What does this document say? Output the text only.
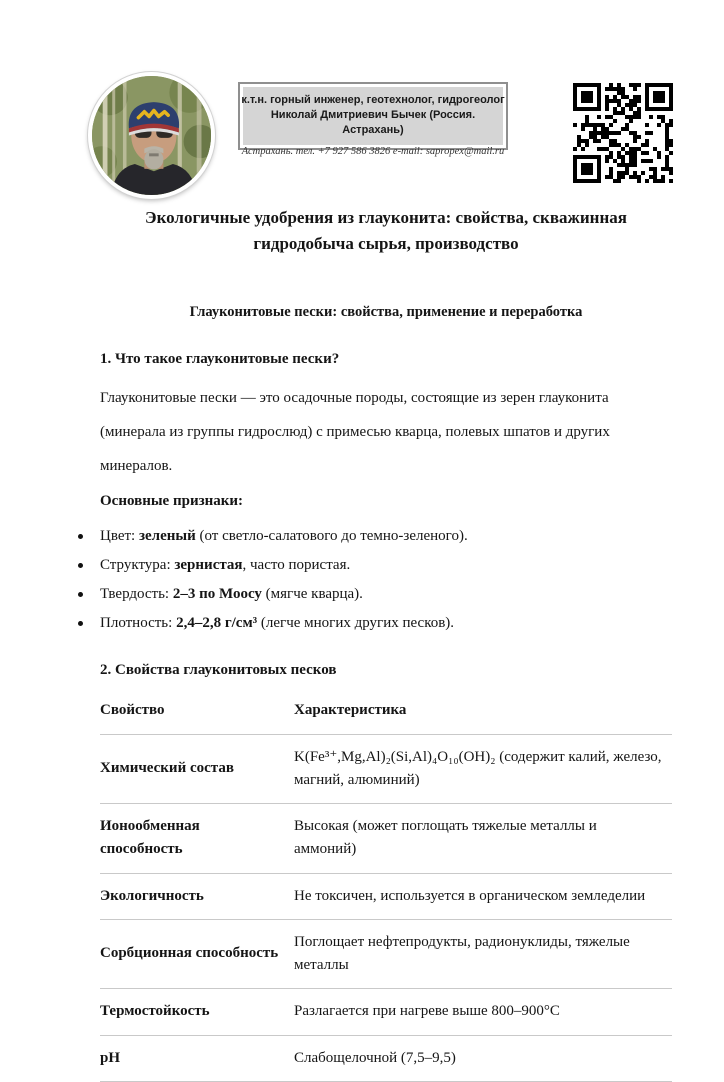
к.т.н. горный инженер, геотехнолог, гидрогеолог
Николай Дмитриевич Бычек (Россия. Астрахань)
Астрахань. тел. +7 927 586 3826 e-mail: sapropex@mail.ru
Экологичные удобрения из глауконита: свойства, скважинная гидродобыча сырья, производство
Глауконитовые пески: свойства, применение и переработка
1. Что такое глауконитовые пески?
Глауконитовые пески — это осадочные породы, состоящие из зерен глауконита (минерала из группы гидрослюд) с примесью кварца, полевых шпатов и других минералов.
Основные признаки:
Цвет: зеленый (от светло-салатового до темно-зеленого).
Структура: зернистая, часто пористая.
Твердость: 2–3 по Моосу (мягче кварца).
Плотность: 2,4–2,8 г/см³ (легче многих других песков).
2. Свойства глауконитовых песков
Свойство	Характеристика
Химический состав	K(Fe³⁺,Mg,Al)₂(Si,Al)₄O₁₀(OH)₂ (содержит калий, железо, магний, алюминий)
Ионообменная способность	Высокая (может поглощать тяжелые металлы и аммоний)
Экологичность	Не токсичен, используется в органическом земледелии
Сорбционная способность	Поглощает нефтепродукты, радионуклиды, тяжелые металлы
Термостойкость	Разлагается при нагреве выше 800–900°C
pH	Слабощелочной (7,5–9,5)
